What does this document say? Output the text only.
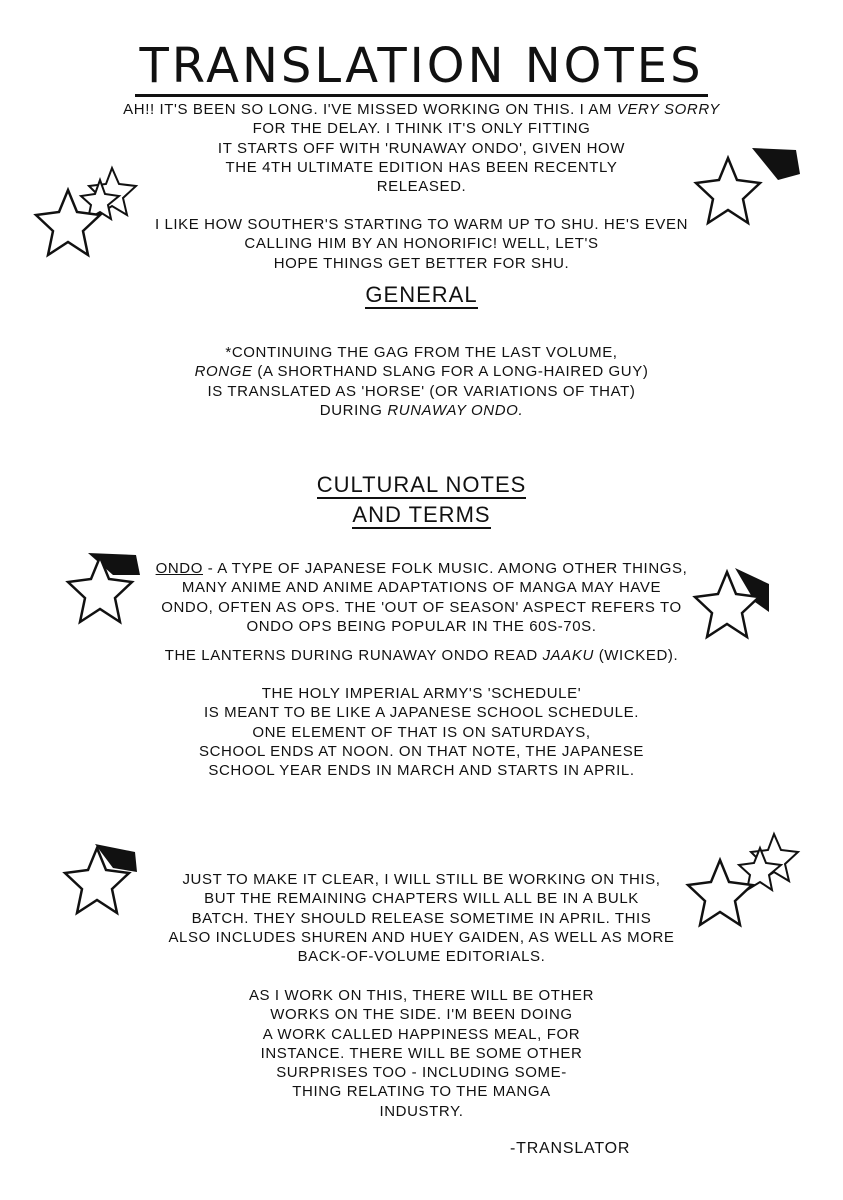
TRANSLATION NOTES

AH!! IT'S BEEN SO LONG. I'VE MISSED WORKING ON THIS. I AM VERY SORRY

FOR THE DELAY. I THINK IT'S ONLY FITTING

IT STARTS OFF WITH 'RUNAWAY ONDO', GIVEN HOW

THE 4TH ULTIMATE EDITION HAS BEEN RECENTLY

RELEASED.

I LIKE HOW SOUTHER'S STARTING TO WARM UP TO SHU. HE'S EVEN

CALLING HIM BY AN HONORIFIC! WELL, LET'S

HOPE THINGS GET BETTER FOR SHU.

GENERAL

*CONTINUING THE GAG FROM THE LAST VOLUME,

RONGE (A SHORTHAND SLANG FOR A LONG-HAIRED GUY)

IS TRANSLATED AS 'HORSE' (OR VARIATIONS OF THAT)

DURING RUNAWAY ONDO.

CULTURAL NOTES
AND TERMS

ONDO - A TYPE OF JAPANESE FOLK MUSIC. AMONG OTHER THINGS,

MANY ANIME AND ANIME ADAPTATIONS OF MANGA MAY HAVE

ONDO, OFTEN AS OPS. THE 'OUT OF SEASON' ASPECT REFERS TO

ONDO OPS BEING POPULAR IN THE 60S-70S.

THE LANTERNS DURING RUNAWAY ONDO READ JAAKU (WICKED).

THE HOLY IMPERIAL ARMY'S 'SCHEDULE'

IS MEANT TO BE LIKE A JAPANESE SCHOOL SCHEDULE.

ONE ELEMENT OF THAT IS ON SATURDAYS,

SCHOOL ENDS AT NOON. ON THAT NOTE, THE JAPANESE

SCHOOL YEAR ENDS IN MARCH AND STARTS IN APRIL.

JUST TO MAKE IT CLEAR, I WILL STILL BE WORKING ON THIS,

BUT THE REMAINING CHAPTERS WILL ALL BE IN A BULK

BATCH. THEY SHOULD RELEASE SOMETIME IN APRIL. THIS

ALSO INCLUDES SHUREN AND HUEY GAIDEN, AS WELL AS MORE

BACK-OF-VOLUME EDITORIALS.

AS I WORK ON THIS, THERE WILL BE OTHER

WORKS ON THE SIDE. I'M BEEN DOING

A WORK CALLED HAPPINESS MEAL, FOR

INSTANCE. THERE WILL BE SOME OTHER

SURPRISES TOO - INCLUDING SOME-

THING RELATING TO THE MANGA

INDUSTRY.

-TRANSLATOR
